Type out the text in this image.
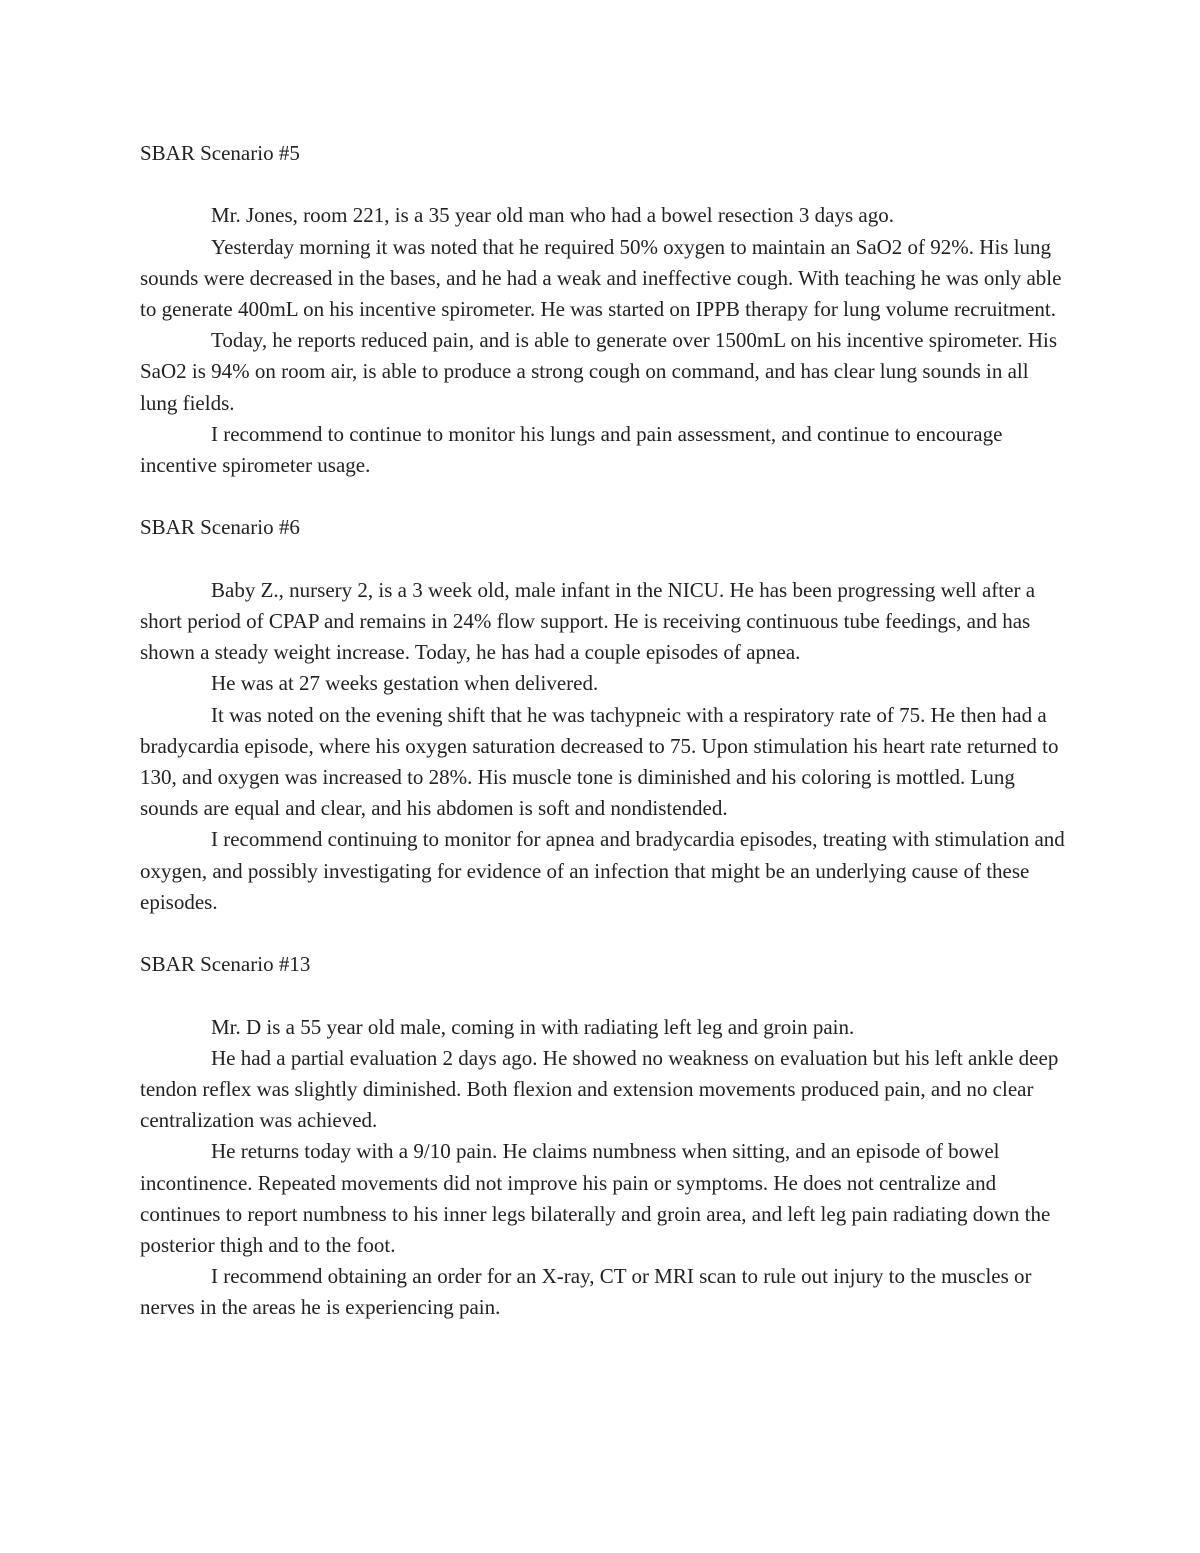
SBAR Scenario #5

Mr. Jones, room 221, is a 35 year old man who had a bowel resection 3 days ago.

Yesterday morning it was noted that he required 50% oxygen to maintain an SaO2 of 92%. His lung sounds were decreased in the bases, and he had a weak and ineffective cough. With teaching he was only able to generate 400mL on his incentive spirometer. He was started on IPPB therapy for lung volume recruitment.

Today, he reports reduced pain, and is able to generate over 1500mL on his incentive spirometer. His SaO2 is 94% on room air, is able to produce a strong cough on command, and has clear lung sounds in all lung fields.

I recommend to continue to monitor his lungs and pain assessment, and continue to encourage incentive spirometer usage.

SBAR Scenario #6

Baby Z., nursery 2, is a 3 week old, male infant in the NICU. He has been progressing well after a short period of CPAP and remains in 24% flow support. He is receiving continuous tube feedings, and has shown a steady weight increase. Today, he has had a couple episodes of apnea.

He was at 27 weeks gestation when delivered.

It was noted on the evening shift that he was tachypneic with a respiratory rate of 75. He then had a bradycardia episode, where his oxygen saturation decreased to 75. Upon stimulation his heart rate returned to 130, and oxygen was increased to 28%. His muscle tone is diminished and his coloring is mottled. Lung sounds are equal and clear, and his abdomen is soft and nondistended.

I recommend continuing to monitor for apnea and bradycardia episodes, treating with stimulation and oxygen, and possibly investigating for evidence of an infection that might be an underlying cause of these episodes.

SBAR Scenario #13

Mr. D is a 55 year old male, coming in with radiating left leg and groin pain.

He had a partial evaluation 2 days ago. He showed no weakness on evaluation but his left ankle deep tendon reflex was slightly diminished. Both flexion and extension movements produced pain, and no clear centralization was achieved.

He returns today with a 9/10 pain. He claims numbness when sitting, and an episode of bowel incontinence. Repeated movements did not improve his pain or symptoms. He does not centralize and continues to report numbness to his inner legs bilaterally and groin area, and left leg pain radiating down the posterior thigh and to the foot.

I recommend obtaining an order for an X-ray, CT or MRI scan to rule out injury to the muscles or nerves in the areas he is experiencing pain.
